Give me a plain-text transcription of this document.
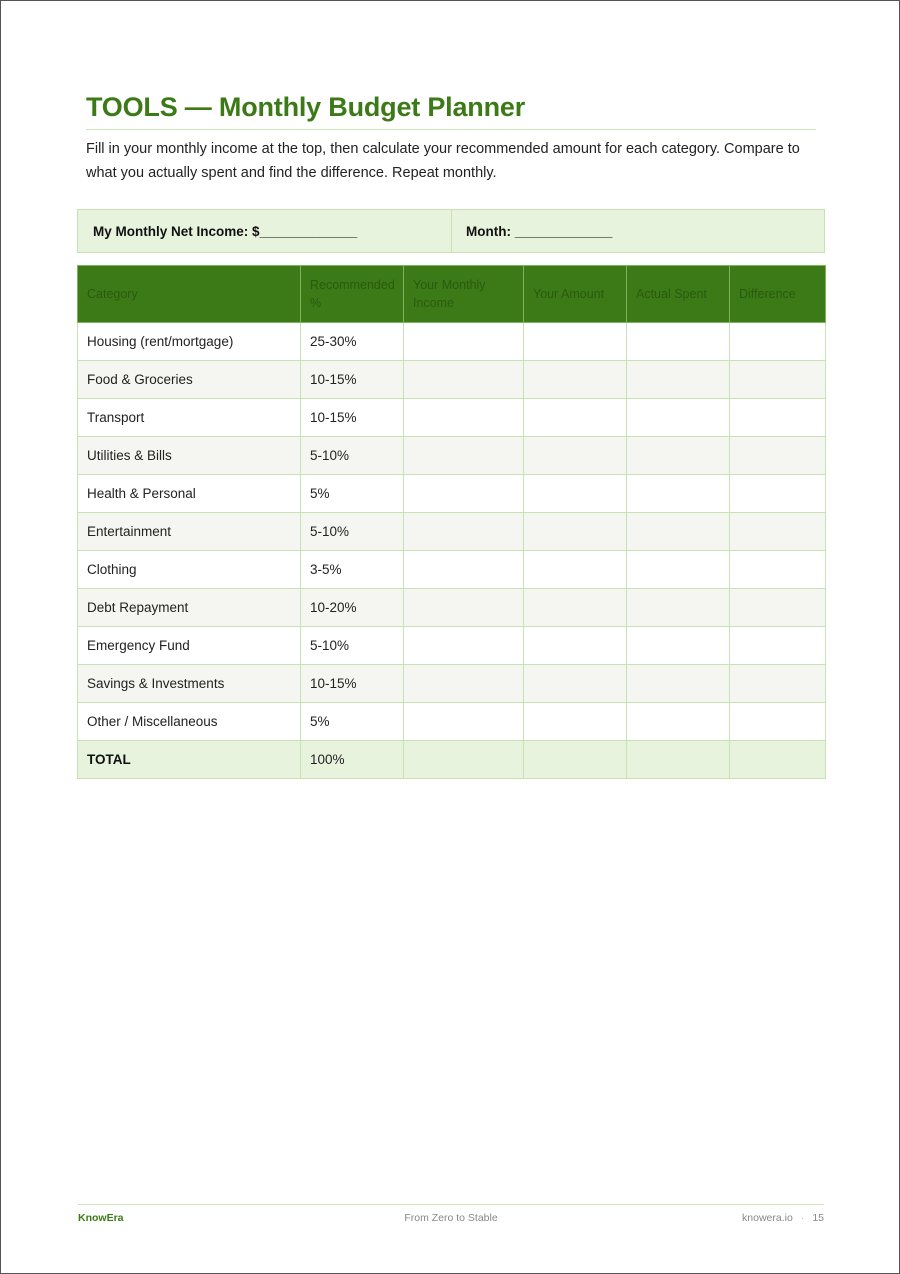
TOOLS — Monthly Budget Planner

Fill in your monthly income at the top, then calculate your recommended amount for each category. Compare to what you actually spent and find the difference. Repeat monthly.

My Monthly Net Income: $_____________	Month: _____________
Category	Recommended %	Your Monthly Income	Your Amount	Actual Spent	Difference
Housing (rent/mortgage)	25-30%				
Food & Groceries	10-15%				
Transport	10-15%				
Utilities & Bills	5-10%				
Health & Personal	5%				
Entertainment	5-10%				
Clothing	3-5%				
Debt Repayment	10-20%				
Emergency Fund	5-10%				
Savings & Investments	10-15%				
Other / Miscellaneous	5%				
TOTAL	100%				
KnowEra	From Zero to Stable	knowera.io · 15
